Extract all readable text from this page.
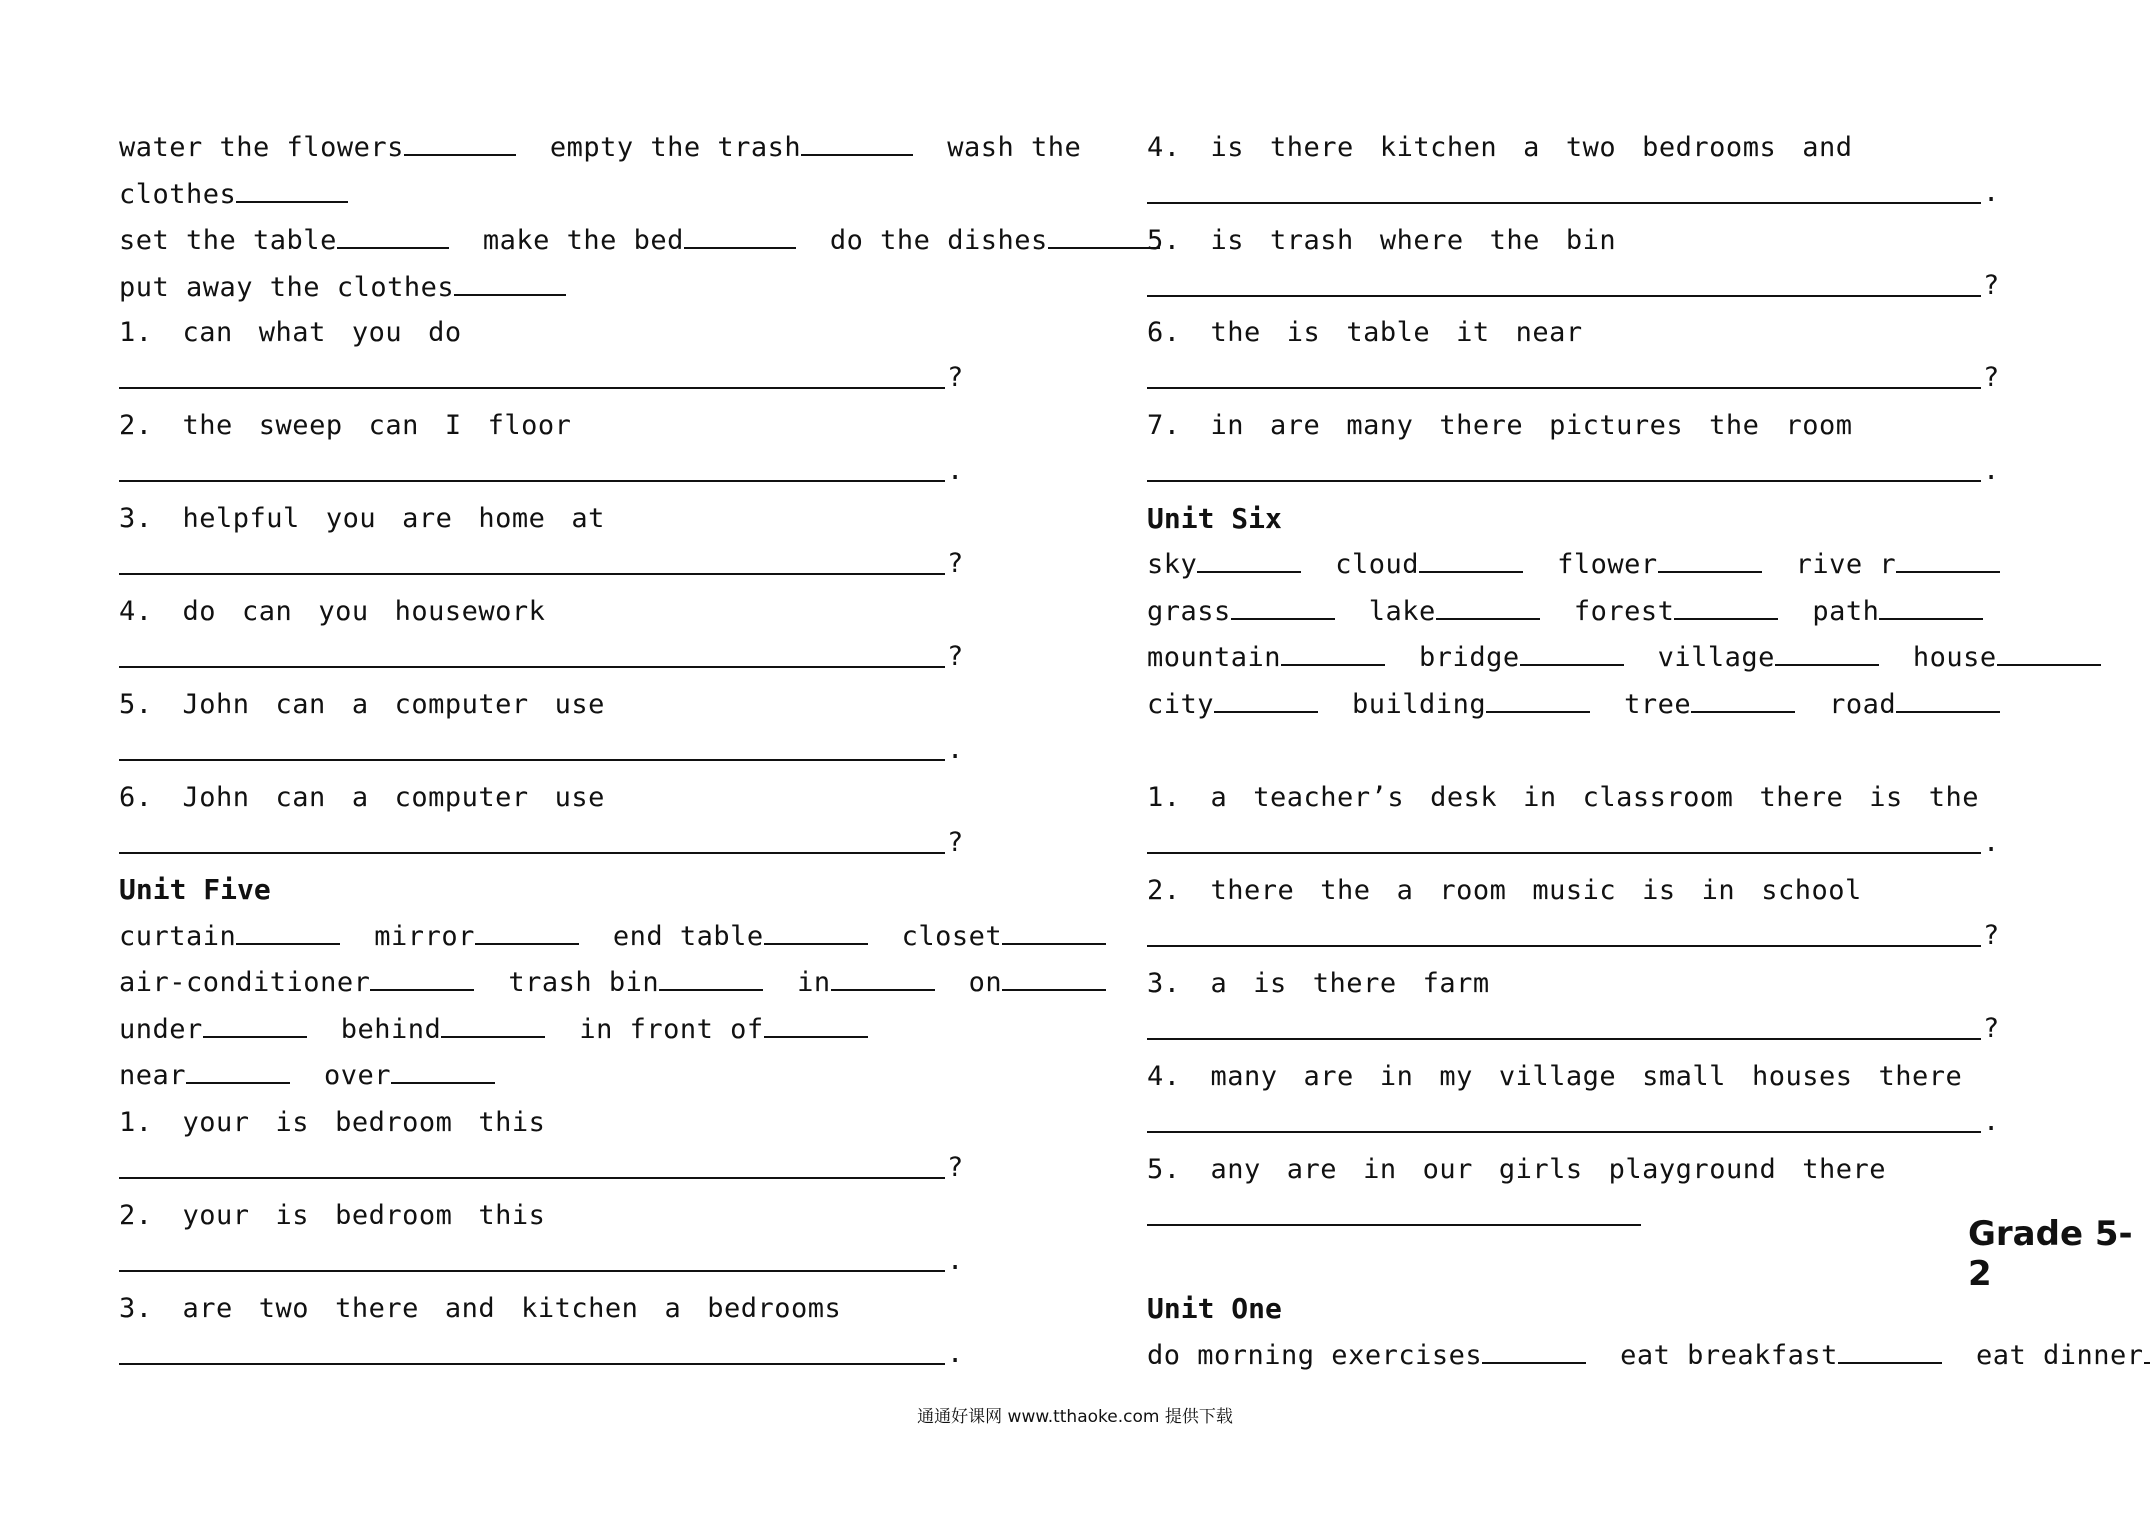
water the flowers	empty the trash	wash the
clothes
set the table	make the bed	do the dishes
put away the clothes
1. can what you do
?
2. the sweep can I floor
.
3. helpful you are home at
?
4. do can you housework
?
5. John can a computer use
.
6. John can a computer use
?
Unit Five
curtain	mirror	end table	closet
air-conditioner	trash bin	in	on
under	behind	in front of
near	over
1. your is bedroom this
?
2. your is bedroom this
.
3. are two there and kitchen a bedrooms
.
4. is there kitchen a two bedrooms and
.
5. is trash where the bin
?
6. the is table it near
?
7. in are many there pictures the room
.
Unit Six
sky	cloud	flower	rive r
grass	lake	forest	path
mountain	bridge	village	house
city	building	tree	road
1. a teacher’s desk in classroom there is the
.
2. there the a room music is in school
?
3. a is there farm
?
4. many are in my village small houses there
.
5. any are in our girls playground there
Unit One
do morning exercises	eat breakfast	eat dinner
Grade 5-2
通通好课网 www.tthaoke.com 提供下载
